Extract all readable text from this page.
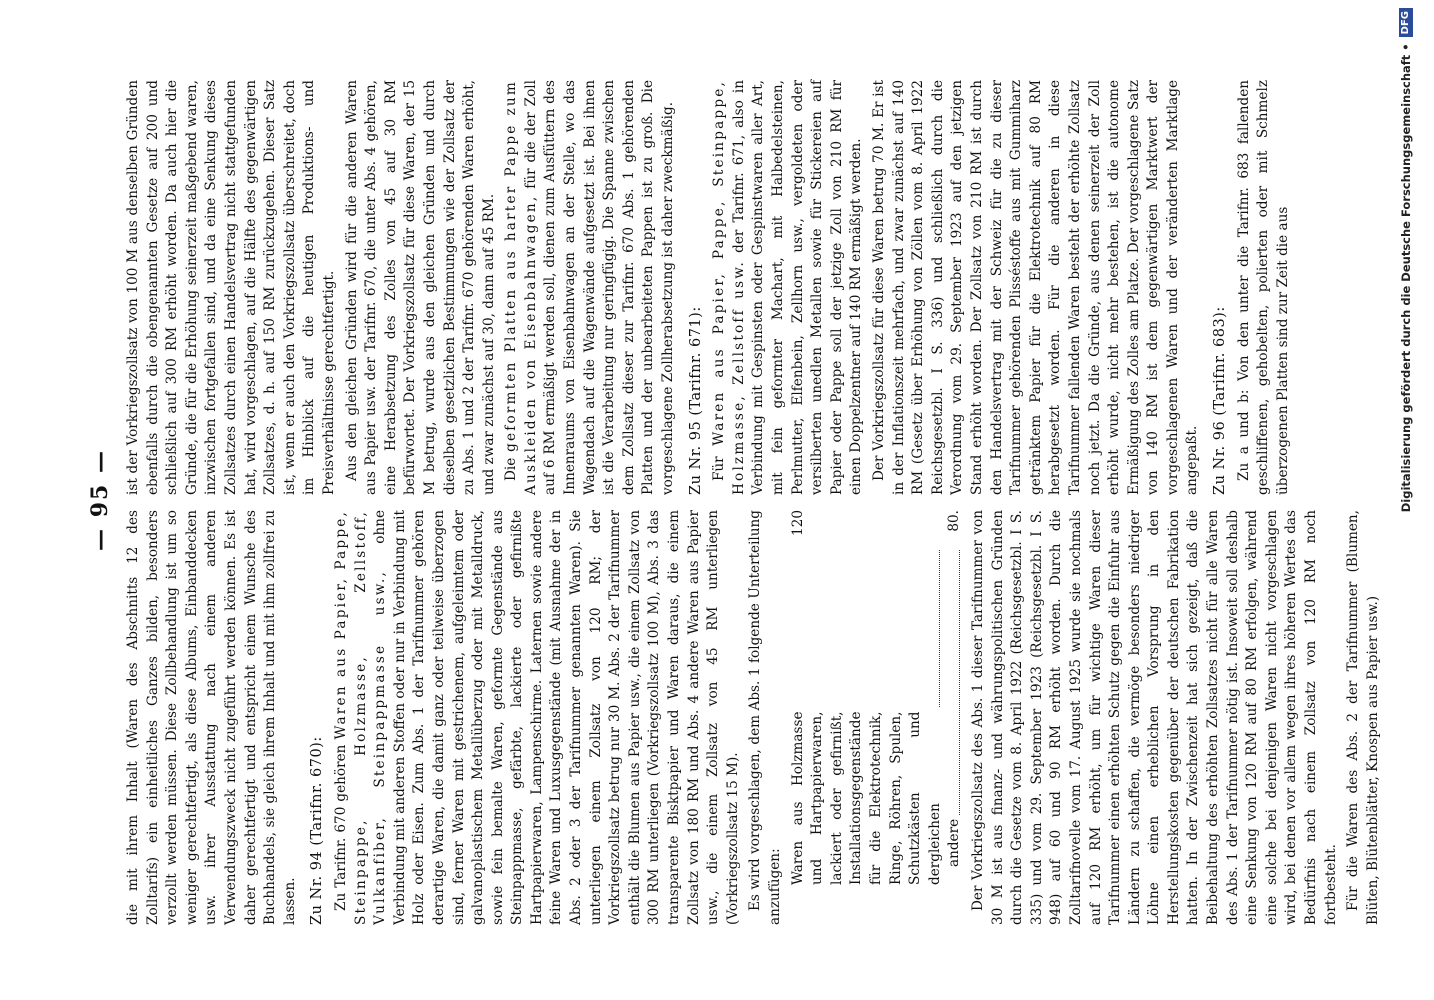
— 95 —

die mit ihrem Inhalt (Waren des Abschnitts 12 des Zolltarifs) ein einheitliches Ganzes bilden, besonders verzollt werden müssen. Diese Zollbehandlung ist um so weniger gerechtfertigt, als diese Albums, Einbanddecken usw. ihrer Ausstattung nach einem anderen Verwendungszweck nicht zugeführt werden können. Es ist daher gerechtfertigt und entspricht einem Wunsche des Buchhandels, sie gleich ihrem Inhalt und mit ihm zollfrei zu lassen. Zu Nr. 94 (Tarifnr. 670): Zu Tarifnr. 670 gehören Waren aus Papier, Pappe, Steinpappe, Holzmasse, Zellstoff, Vulkanfiber, Steinpappmasse usw., ohne Verbindung mit anderen Stoffen oder nur in Verbindung mit Holz oder Eisen. Zum Abs. 1 der Tarifnummer gehören derartige Waren, die damit ganz oder teilweise überzogen sind, ferner Waren mit gestrichenem, aufgeleimtem oder galvanoplastischem Metallüberzug oder mit Metalldruck, sowie fein bemalte Waren, geformte Gegenstände aus Steinpappmasse, gefärbte, lackierte oder gefirnißte Hartpapierwaren, Lampenschirme. Laternen sowie andere feine Waren und Luxusgegenstände (mit Ausnahme der in Abs. 2 oder 3 der Tarifnummer genannten Waren). Sie unterliegen einem Zollsatz von 120 RM; der Vorkriegszollsatz betrug nur 30 M. Abs. 2 der Tarifnummer enthält die Blumen aus Papier usw., die einem Zollsatz von 300 RM unterliegen (Vorkriegszollsatz 100 M), Abs. 3 das transparente Bisktpapier und Waren daraus, die einem Zollsatz von 180 RM und Abs. 4 andere Waren aus Papier usw., die einem Zollsatz von 45 RM unterliegen (Vorkriegszollsatz 15 M). Es wird vorgeschlagen, dem Abs. 1 folgende Unterteilung anzufügen:

Waren aus Holzmasse und Hartpapierwaren, lackiert oder gefirnißt, Installationsgegenstände für die Elektrotechnik, Ringe, Röhren, Spulen, Schutzkästen und dergleichen
120
andere
80. Der Vorkriegszollsatz des Abs. 1 dieser Tarifnummer von 30 M ist aus finanz- und währungspolitischen Gründen durch die Gesetze vom 8. April 1922 (Reichsgesetzbl. I S. 335) und vom 29. September 1923 (Reichsgesetzbl. I S. 948) auf 60 und 90 RM erhöht worden. Durch die Zolltarifnovelle vom 17. August 1925 wurde sie nochmals auf 120 RM erhöht, um für wichtige Waren dieser Tarifnummer einen erhöhten Schutz gegen die Einfuhr aus Ländern zu schaffen, die vermöge besonders niedriger Löhne einen erheblichen Vorsprung in den Herstellungskosten gegenüber der deutschen Fabrikation hatten. In der Zwischenzeit hat sich gezeigt, daß die Beibehaltung des erhöhten Zollsatzes nicht für alle Waren des Abs. 1 der Tarifnummer nötig ist. Insoweit soll deshalb eine Senkung von 120 RM auf 80 RM erfolgen, während eine solche bei denjenigen Waren nicht vorgeschlagen wird, bei denen vor allem wegen ihres höheren Wertes das Bedürfnis nach einem Zollsatz von 120 RM noch fortbesteht. Für die Waren des Abs. 2 der Tarifnummer (Blumen, Blüten, Blütenblätter, Knospen aus Papier usw.)

ist der Vorkriegszollsatz von 100 M aus denselben Gründen ebenfalls durch die obengenannten Gesetze auf 200 und schließlich auf 300 RM erhöht worden. Da auch hier die Gründe, die für die Erhöhung seinerzeit maßgebend waren, inzwischen fortgefallen sind, und da eine Senkung dieses Zollsatzes durch einen Handelsvertrag nicht stattgefunden hat, wird vorgeschlagen, auf die Hälfte des gegenwärtigen Zollsatzes, d. h. auf 150 RM zurückzugehen. Dieser Satz ist, wenn er auch den Vorkriegszollsatz überschreitet, doch im Hinblick auf die heutigen Produktions- und Preisverhältnisse gerechtfertigt. Aus den gleichen Gründen wird für die anderen Waren aus Papier usw. der Tarifnr. 670, die unter Abs. 4 gehören, eine Herabsetzung des Zolles von 45 auf 30 RM befürwortet. Der Vorkriegszollsatz für diese Waren, der 15 M betrug, wurde aus den gleichen Gründen und durch dieselben gesetzlichen Bestimmungen wie der Zollsatz der zu Abs. 1 und 2 der Tarifnr. 670 gehörenden Waren erhöht, und zwar zunächst auf 30, dann auf 45 RM. Die geformten Platten aus harter Pappe zum Auskleiden von Eisenbahnwagen, für die der Zoll auf 6 RM ermäßigt werden soll, dienen zum Ausfüttern des Innenraums von Eisenbahnwagen an der Stelle, wo das Wagendach auf die Wagenwände aufgesetzt ist. Bei ihnen ist die Verarbeitung nur geringfügig. Die Spanne zwischen dem Zollsatz dieser zur Tarifnr. 670 Abs. 1 gehörenden Platten und der unbearbeiteten Pappen ist zu groß. Die vorgeschlagene Zollherabsetzung ist daher zweckmäßig. Zu Nr. 95 (Tarifnr. 671): Für Waren aus Papier, Pappe, Steinpappe, Holzmasse, Zellstoff usw. der Tarifnr. 671, also in Verbindung mit Gespinsten oder Gespinstwaren aller Art, mit fein geformter Machart, mit Halbedelsteinen, Perlmutter, Elfenbein, Zellhorn usw., vergoldeten oder versilberten unedlen Metallen sowie für Stickereien auf Papier oder Pappe soll der jetzige Zoll von 210 RM für einen Doppelzentner auf 140 RM ermäßigt werden. Der Vorkriegszollsatz für diese Waren betrug 70 M. Er ist in der Inflationszeit mehrfach, und zwar zunächst auf 140 RM (Gesetz über Erhöhung von Zöllen vom 8. April 1922 Reichsgesetzbl. I S. 336) und schließlich durch die Verordnung vom 29. September 1923 auf den jetzigen Stand erhöht worden. Der Zollsatz von 210 RM ist durch den Handelsvertrag mit der Schweiz für die zu dieser Tarifnummer gehörenden Plisséstoffe aus mit Gummiharz getränktem Papier für die Elektrotechnik auf 80 RM herabgesetzt worden. Für die anderen in diese Tarifnummer fallenden Waren besteht der erhöhte Zollsatz noch jetzt. Da die Gründe, aus denen seinerzeit der Zoll erhöht wurde, nicht mehr bestehen, ist die autonome Ermäßigung des Zolles am Platze. Der vorgeschlagene Satz von 140 RM ist dem gegenwärtigen Marktwert der vorgeschlagenen Waren und der veränderten Marktlage angepaßt. Zu Nr. 96 (Tarifnr. 683): Zu a und b: Von den unter die Tarifnr. 683 fallenden geschliffenen, gehobelten, polierten oder mit Schmelz überzogenen Platten sind zur Zeit die aus	Digitalisierung gefördert durch die Deutsche Forschungsgemeinschaft •
DFG
